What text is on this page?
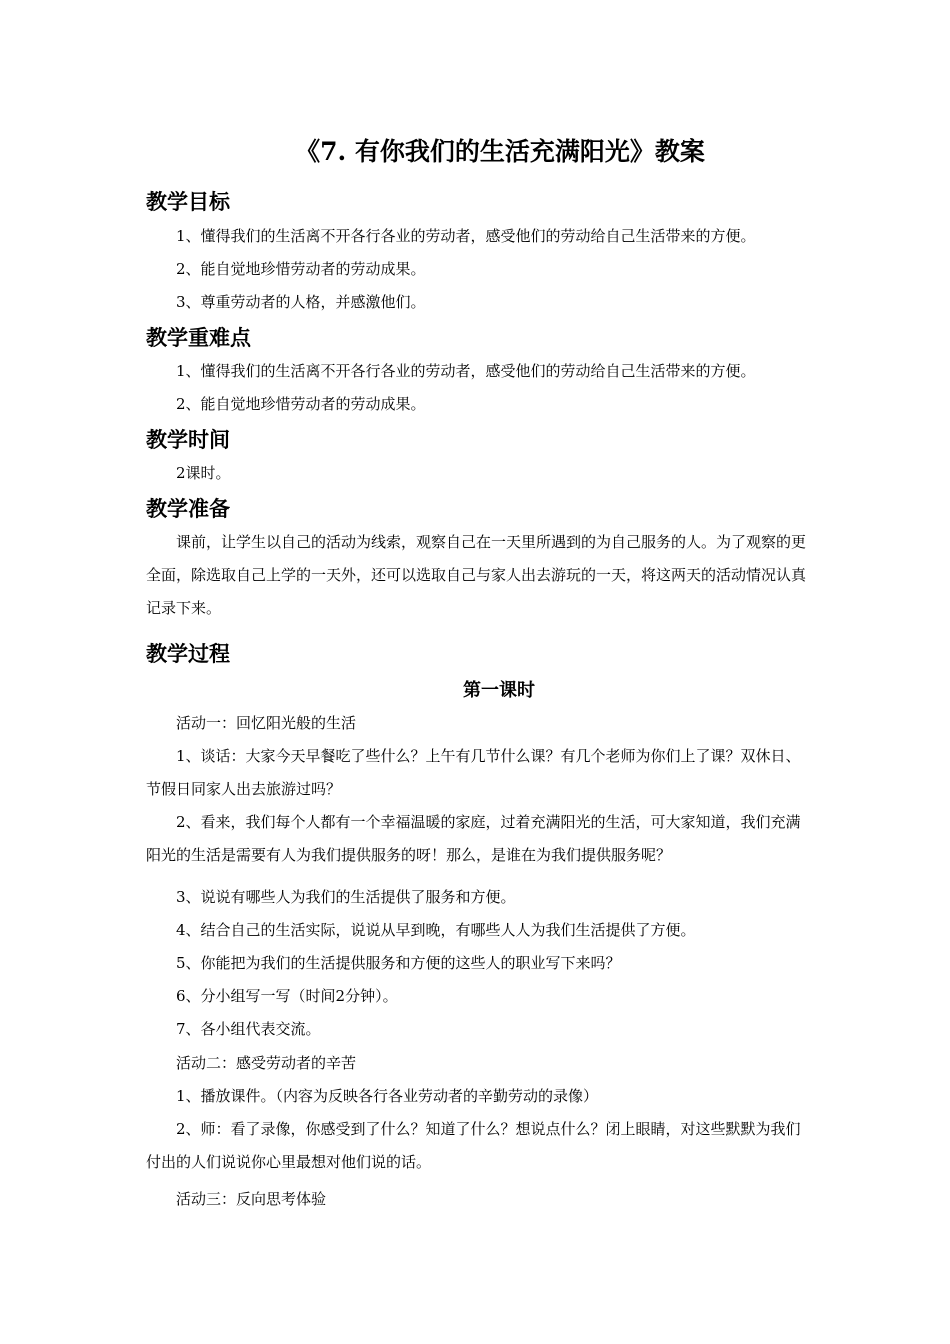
《7. 有你我们的生活充满阳光》教案
教学目标

1、懂得我们的生活离不开各行各业的劳动者，感受他们的劳动给自己生活带来的方便。

2、能自觉地珍惜劳动者的劳动成果。

3、尊重劳动者的人格，并感激他们。

教学重难点

1、懂得我们的生活离不开各行各业的劳动者，感受他们的劳动给自己生活带来的方便。

2、能自觉地珍惜劳动者的劳动成果。

教学时间

2课时。

教学准备

课前，让学生以自己的活动为线索，观察自己在一天里所遇到的为自己服务的人。为了观察的更全面，除选取自己上学的一天外，还可以选取自己与家人出去游玩的一天，将这两天的活动情况认真记录下来。

教学过程
第一课时

活动一：回忆阳光般的生活

1、谈话：大家今天早餐吃了些什么？上午有几节什么课？有几个老师为你们上了课？双休日、节假日同家人出去旅游过吗？

2、看来，我们每个人都有一个幸福温暖的家庭，过着充满阳光的生活，可大家知道，我们充满阳光的生活是需要有人为我们提供服务的呀！那么，是谁在为我们提供服务呢？

3、说说有哪些人为我们的生活提供了服务和方便。

4、结合自己的生活实际，说说从早到晚，有哪些人人为我们生活提供了方便。

5、你能把为我们的生活提供服务和方便的这些人的职业写下来吗？

6、分小组写一写（时间2分钟）。

7、各小组代表交流。

活动二：感受劳动者的辛苦

1、播放课件。（内容为反映各行各业劳动者的辛勤劳动的录像）

2、师：看了录像，你感受到了什么？知道了什么？想说点什么？闭上眼睛，对这些默默为我们付出的人们说说你心里最想对他们说的话。

活动三：反向思考体验
